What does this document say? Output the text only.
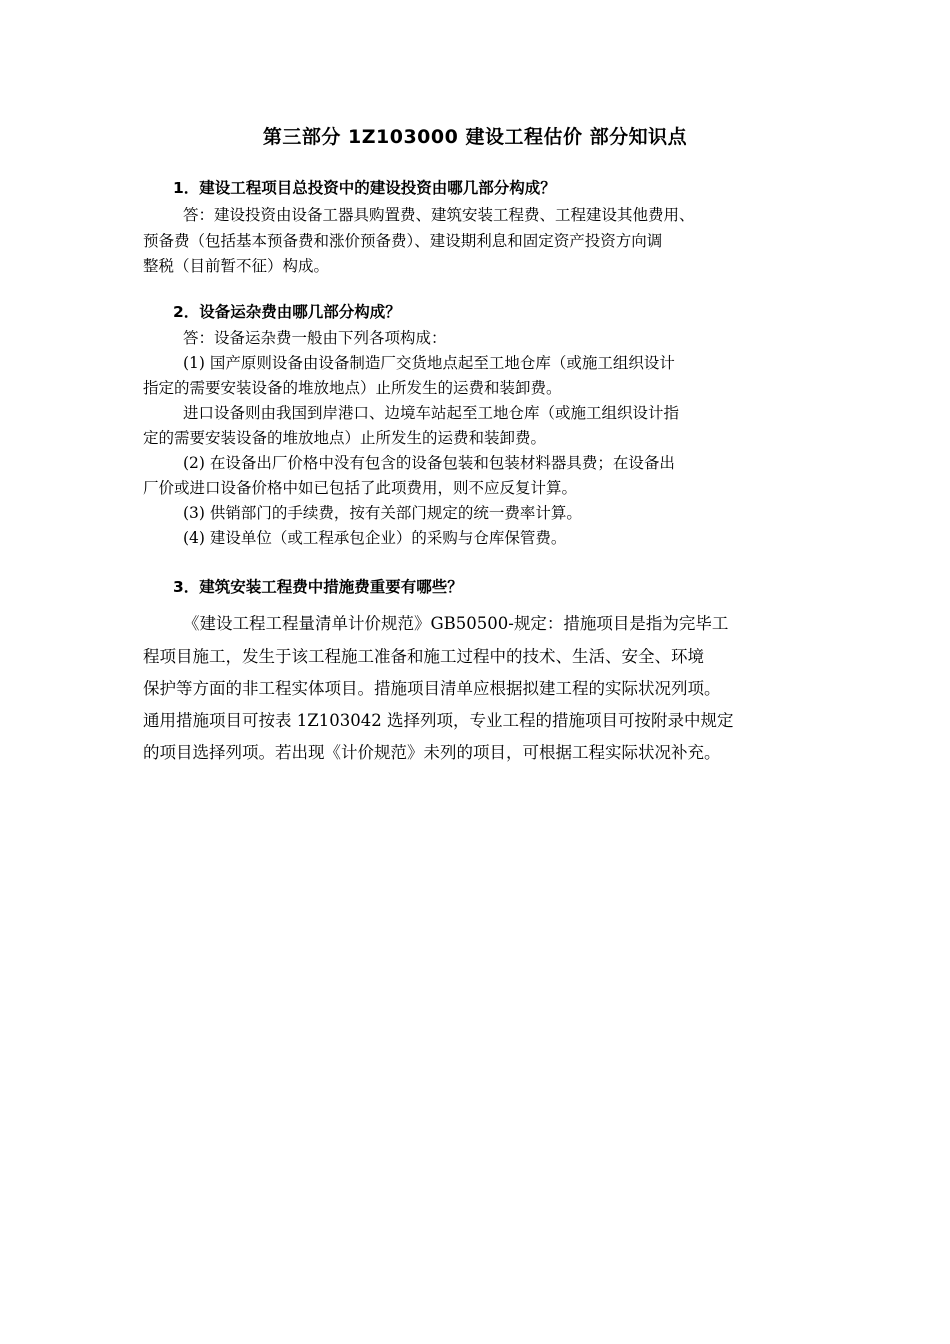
第三部分 1Z103000 建设工程估价 部分知识点
1．建设工程项目总投资中的建设投资由哪几部分构成？
答：建设投资由设备工器具购置费、建筑安装工程费、工程建设其他费用、
预备费（包括基本预备费和涨价预备费）、建设期利息和固定资产投资方向调
整税（目前暂不征）构成。
2．设备运杂费由哪几部分构成？
答：设备运杂费一般由下列各项构成：
(1) 国产原则设备由设备制造厂交货地点起至工地仓库（或施工组织设计
指定的需要安装设备的堆放地点）止所发生的运费和装卸费。
进口设备则由我国到岸港口、边境车站起至工地仓库（或施工组织设计指
定的需要安装设备的堆放地点）止所发生的运费和装卸费。
(2) 在设备出厂价格中没有包含的设备包装和包装材料器具费；在设备出
厂价或进口设备价格中如已包括了此项费用，则不应反复计算。
(3) 供销部门的手续费，按有关部门规定的统一费率计算。
(4) 建设单位（或工程承包企业）的采购与仓库保管费。
3．建筑安装工程费中措施费重要有哪些？
《建设工程工程量清单计价规范》GB50500-规定：措施项目是指为完毕工
程项目施工，发生于该工程施工准备和施工过程中的技术、生活、安全、环境
保护等方面的非工程实体项目。措施项目清单应根据拟建工程的实际状况列项。
通用措施项目可按表 1Z103042 选择列项，专业工程的措施项目可按附录中规定
的项目选择列项。若出现《计价规范》未列的项目，可根据工程实际状况补充。
